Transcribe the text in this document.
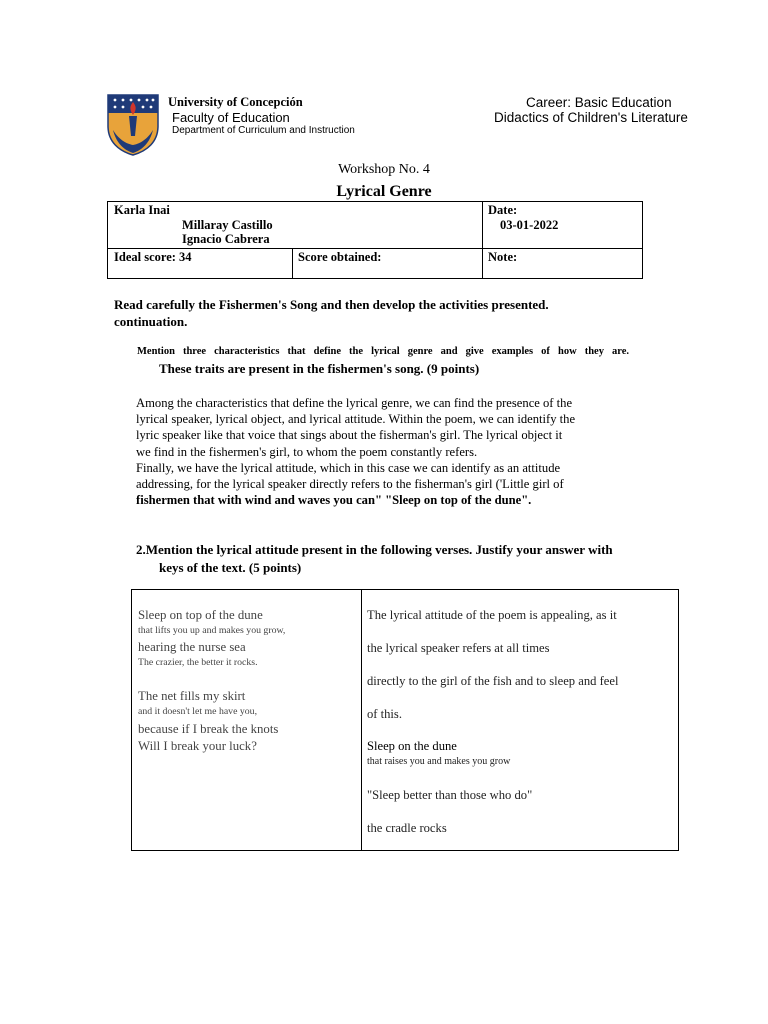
University of Concepción
Faculty of Education
Department of Curriculum and Instruction
Career: Basic Education
Didactics of Children's Literature
Workshop No. 4
Lyrical Genre
Karla Inai
Millaray Castillo
Ignacio Cabrera
Date:
03-01-2022
Ideal score: 34	Score obtained:	Note:
Read carefully the Fishermen's Song and then develop the activities presented.
continuation.
Mention three characteristics that define the lyrical genre and give examples of how they are.
These traits are present in the fishermen's song. (9 points)

Among the characteristics that define the lyrical genre, we can find the presence of the

lyrical speaker, lyrical object, and lyrical attitude. Within the poem, we can identify the

lyric speaker like that voice that sings about the fisherman's girl. The lyrical object it

we find in the fishermen's girl, to whom the poem constantly refers.

Finally, we have the lyrical attitude, which in this case we can identify as an attitude

addressing, for the lyrical speaker directly refers to the fisherman's girl ('Little girl of

fishermen that with wind and waves you can" "Sleep on top of the dune".

2.Mention the lyrical attitude present in the following verses. Justify your answer with
keys of the text. (5 points)
Sleep on top of the dune
that lifts you up and makes you grow,
hearing the nurse sea
The crazier, the better it rocks.
The net fills my skirt
and it doesn't let me have you,
because if I break the knots
Will I break your luck?
The lyrical attitude of the poem is appealing, as it
the lyrical speaker refers at all times
directly to the girl of the fish and to sleep and feel
of this.
Sleep on the dune
that raises you and makes you grow
"Sleep better than those who do"
the cradle rocks
